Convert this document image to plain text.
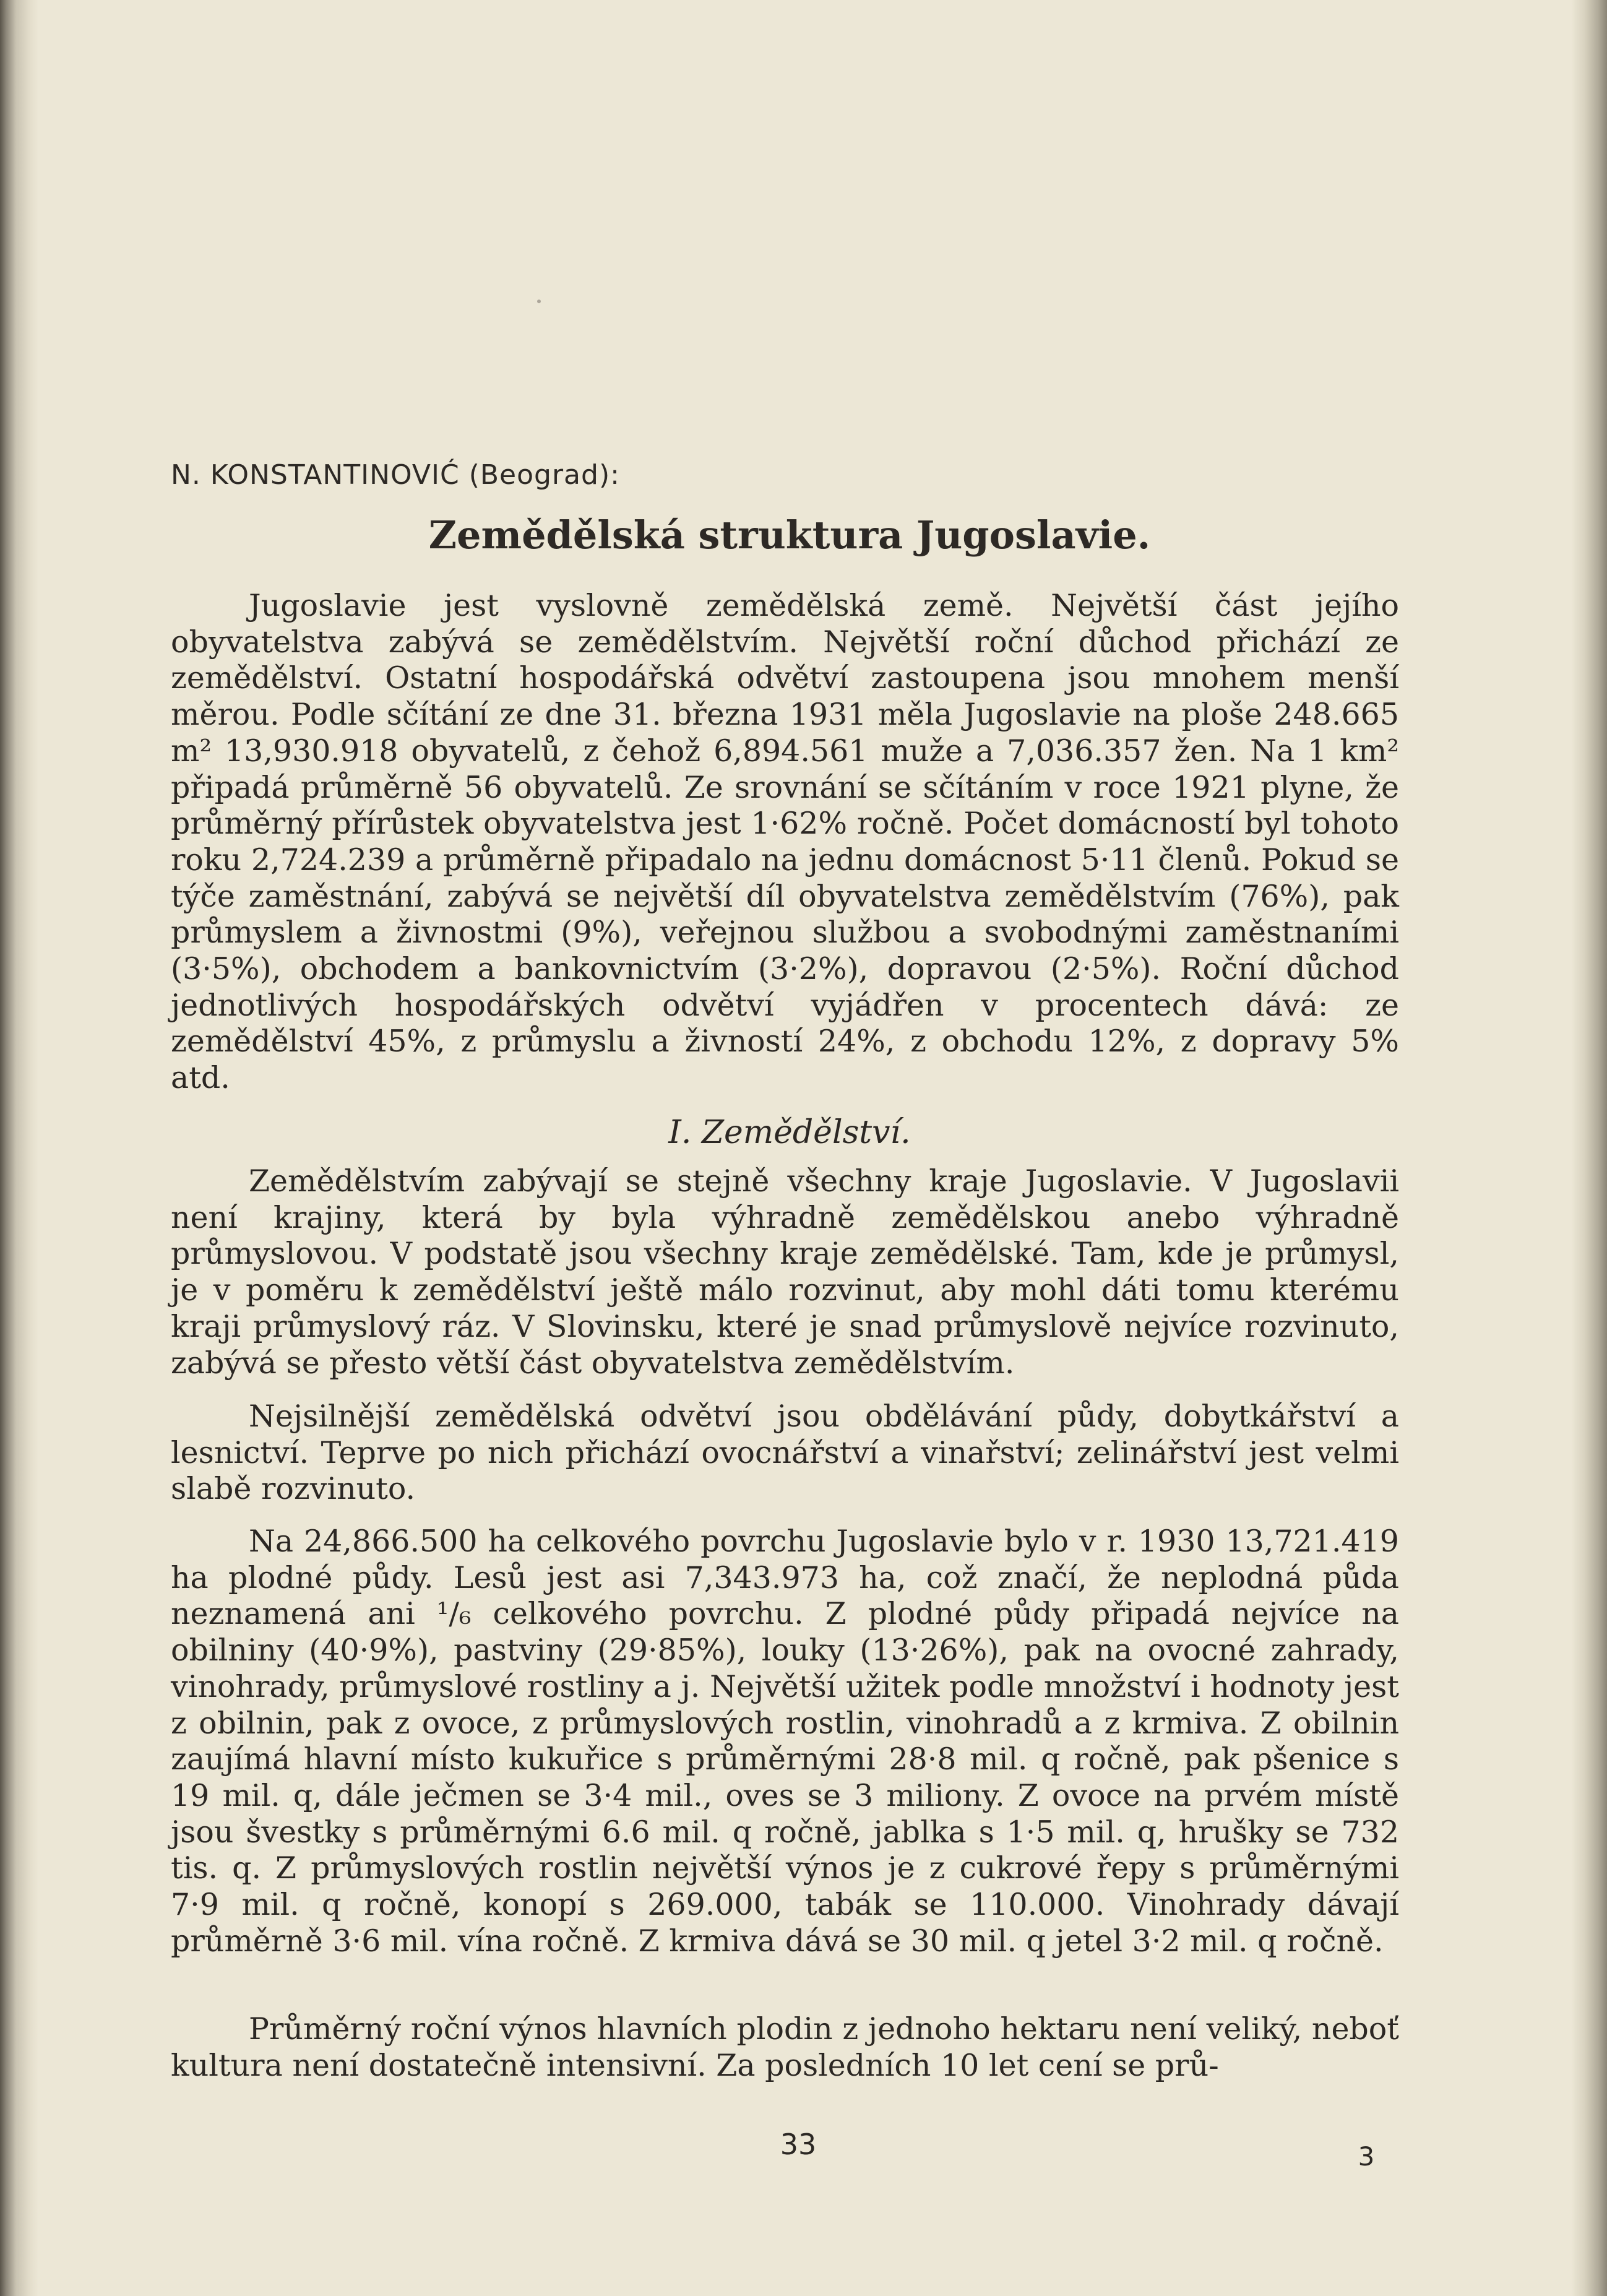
N. KONSTANTINOVIĆ (Beograd):
Zemědělská struktura Jugoslavie.

Jugoslavie jest vyslovně zemědělská země. Největší část jejího obyvatelstva zabývá se zemědělstvím. Největší roční důchod přichází ze zemědělství. Ostatní hospodářská odvětví zastoupena jsou mnohem menší měrou. Podle sčítání ze dne 31. března 1931 měla Jugoslavie na ploše 248.665 m² 13,930.918 obyvatelů, z čehož 6,894.561 muže a 7,036.357 žen. Na 1 km² připadá průměrně 56 obyvatelů. Ze srovnání se sčítáním v roce 1921 plyne, že průměrný přírůstek obyvatelstva jest 1·62% ročně. Počet domácností byl tohoto roku 2,724.239 a průměrně připadalo na jednu domácnost 5·11 členů. Pokud se týče zaměstnání, zabývá se největší díl obyvatelstva zemědělstvím (76%), pak průmyslem a živnostmi (9%), veřejnou službou a svobodnými zaměstnaními (3·5%), obchodem a bankovnictvím (3·2%), dopravou (2·5%). Roční důchod jednotlivých hospodářských odvětví vyjádřen v procentech dává: ze zemědělství 45%, z průmyslu a živností 24%, z obchodu 12%, z dopravy 5% atd.

I. Zemědělství.

Zemědělstvím zabývají se stejně všechny kraje Jugoslavie. V Jugoslavii není krajiny, která by byla výhradně zemědělskou anebo výhradně průmyslovou. V podstatě jsou všechny kraje zemědělské. Tam, kde je průmysl, je v poměru k zemědělství ještě málo rozvinut, aby mohl dáti tomu kterému kraji průmyslový ráz. V Slovinsku, které je snad průmyslově nejvíce rozvinuto, zabývá se přesto větší část obyvatelstva zemědělstvím.

Nejsilnější zemědělská odvětví jsou obdělávání půdy, dobytkářství a lesnictví. Teprve po nich přichází ovocnářství a vinařství; zelinářství jest velmi slabě rozvinuto.

Na 24,866.500 ha celkového povrchu Jugoslavie bylo v r. 1930 13,721.419 ha plodné půdy. Lesů jest asi 7,343.973 ha, což značí, že neplodná půda neznamená ani ¹/₆ celkového povrchu. Z plodné půdy připadá nejvíce na obilniny (40·9%), pastviny (29·85%), louky (13·26%), pak na ovocné zahrady, vinohrady, průmyslové rostliny a j. Největší užitek podle množství i hodnoty jest z obilnin, pak z ovoce, z průmyslových rostlin, vinohradů a z krmiva. Z obilnin zaujímá hlavní místo kukuřice s průměrnými 28·8 mil. q ročně, pak pšenice s 19 mil. q, dále ječmen se 3·4 mil., oves se 3 miliony. Z ovoce na prvém místě jsou švestky s průměrnými 6.6 mil. q ročně, jablka s 1·5 mil. q, hrušky se 732 tis. q. Z průmyslových rostlin největší výnos je z cukrové řepy s průměrnými 7·9 mil. q ročně, konopí s 269.000, tabák se 110.000. Vinohrady dávají průměrně 3·6 mil. vína ročně. Z krmiva dává se 30 mil. q jetel 3·2 mil. q ročně.

Průměrný roční výnos hlavních plodin z jednoho hektaru není veliký, neboť kultura není dostatečně intensivní. Za posledních 10 let cení se prů-

33	3
